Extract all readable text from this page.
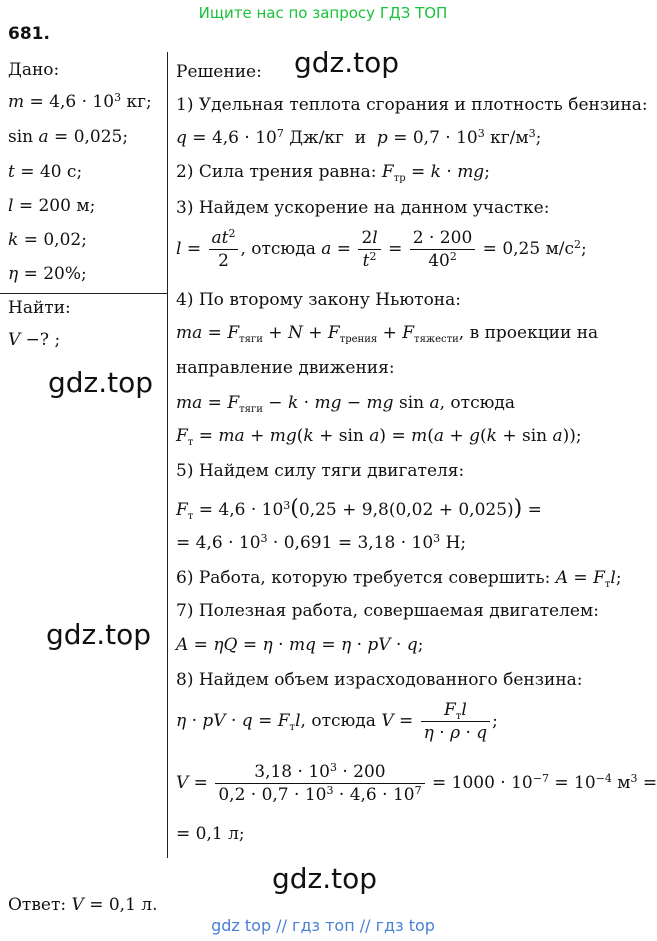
Ищите нас по запросу ГДЗ ТОП
681.
Дано:
$m = 4,6 \cdot 10^3$ кг;
sin a = 0,025;
t = 40 с;
l = 200 м;
k = 0,02;
η = 20%;
Найти:
V −? ;
Решение: gdz.top
1) Удельная теплота сгорания и плотность бензина:
$q = 4,6 \cdot 10^7$ Дж/кг  и  $p = 0,7 \cdot 10^3$ $кг/м^3$;
2) Сила трения равна: $F_{тр} = k$ · mg;
3) Найдем ускорение на данном участке:
$l = \frac{at^2}{2}$ , отсюда $a = \frac{2l}{t^2} = \frac{2 \cdot 200}{40^2} = 0,25$ $м/с^2$;
4) По второму закону Ньютона:
ma = $F_{тяги} + N + F_{трения} + F_{тяжести}$, в проекции на
направление движения:
ma = $F_{тяги} - k$ · mg − mg sin a, отсюда
$F_т$ = ma + mg(k + sin a) = m(a + g(k + sin a));
gdz.top
5) Найдем силу тяги двигателя:
$F_т = 4,6 \cdot 10^3(0,25 + 9,8(0,02 + 0,025))$ =
= $4,6 \cdot 10^3 \cdot 0,691 = 3,18 \cdot 10^3$ Н;
6) Работа, которую требуется совершить: $A = F_тl$;
gdz.top
7) Полезная работа, совершаемая двигателем:
A = ηQ = η · mq = η · pV · q;
8) Найдем объем израсходованного бензина:
η · pV · $q = F_тl$, отсюда $V = \frac{F_тl}{\eta \cdot \rho \cdot q}$ ;
$V = \frac{3,18 \cdot 10^3 \cdot 200}{0,2 \cdot 0,7 \cdot 10^3 \cdot 4,6 \cdot 10^7} = 1000 \cdot 10^{-7} = 10^{-4}$ $м^3$ =
= 0,1 л;
gdz.top
Ответ: V = 0,1 л.
gdz top // гдз топ // гдз top
